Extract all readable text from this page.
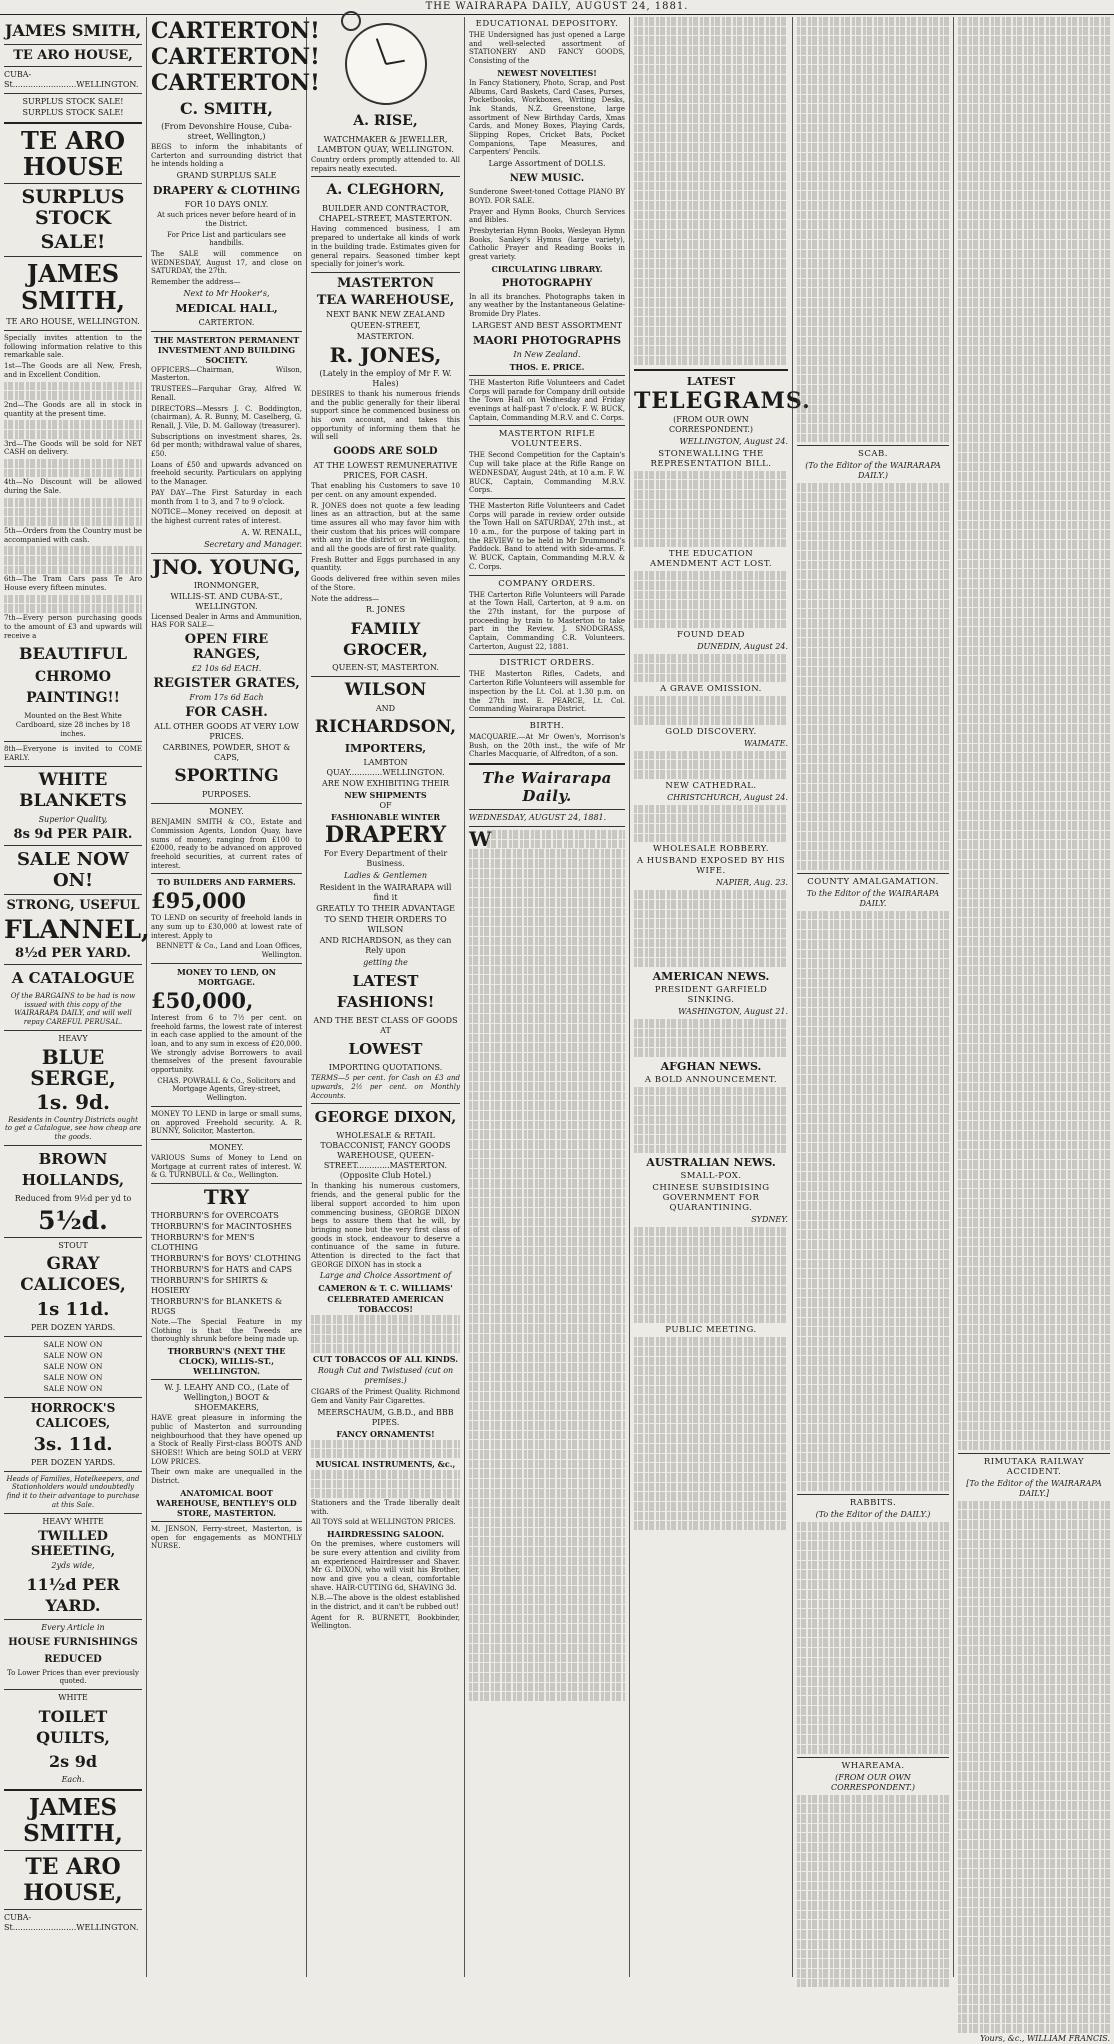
THE WAIRARAPA DAILY, AUGUST 24, 1881.
JAMES SMITH,
TE ARO HOUSE,
CUBA-St.........................WELLINGTON.
SURPLUS STOCK SALE!
SURPLUS STOCK SALE!
TE ARO HOUSE
SURPLUS STOCK
SALE!
JAMES SMITH,
TE ARO HOUSE, WELLINGTON.

Specially invites attention to the following information relative to this remarkable sale.

1st—The Goods are all New, Fresh, and in Excellent Condition.

2nd—The Goods are all in stock in quantity at the present time.

3rd—The Goods will be sold for NET CASH on delivery.

4th—No Discount will be allowed during the Sale.

5th—Orders from the Country must be accompanied with cash.

6th—The Tram Cars pass Te Aro House every fifteen minutes.

7th—Every person purchasing goods to the amount of £3 and upwards will receive a

BEAUTIFUL
CHROMO PAINTING!!

Mounted on the Best White Cardboard, size 28 inches by 18 inches.

8th—Everyone is invited to COME EARLY.

WHITE BLANKETS
Superior Quality,
8s 9d PER PAIR.
SALE NOW ON!
STRONG, USEFUL
FLANNEL,
8½d PER YARD.
A CATALOGUE

Of the BARGAINS to be had is now issued with this copy of the WAIRARAPA DAILY, and will well repay CAREFUL PERUSAL.

HEAVY
BLUE SERGE,
1s. 9d.

Residents in Country Districts ought to get a Catalogue, see how cheap are the goods.

BROWN HOLLANDS,
Reduced from 9½d per yd to
5½d.
STOUT
GRAY CALICOES,
1s 11d.
PER DOZEN YARDS.
SALE NOW ON
SALE NOW ON
SALE NOW ON
SALE NOW ON
SALE NOW ON
HORROCK'S CALICOES,
3s. 11d.
PER DOZEN YARDS.

Heads of Families, Hotelkeepers, and Stationholders would undoubtedly find it to their advantage to purchase at this Sale.

HEAVY WHITE
TWILLED SHEETING,
2yds wide,
11½d PER YARD.
Every Article in
HOUSE FURNISHINGS
REDUCED

To Lower Prices than ever previously quoted.

WHITE
TOILET QUILTS,
2s 9d
Each.
JAMES SMITH,
TE ARO HOUSE,
CUBA-St.........................WELLINGTON.
CARTERTON!
CARTERTON!
CARTERTON!
C. SMITH,
(From Devonshire House, Cuba-street, Wellington,)

BEGS to inform the inhabitants of Carterton and surrounding district that he intends holding a

GRAND SURPLUS SALE
DRAPERY & CLOTHING
FOR 10 DAYS ONLY.

At such prices never before heard of in the District.

For Price List and particulars see handbills.

The SALE will commence on WEDNESDAY, August 17, and close on SATURDAY, the 27th.

Remember the address—

Next to Mr Hooker's,
MEDICAL HALL,
CARTERTON.
THE MASTERTON PERMANENT INVESTMENT AND BUILDING SOCIETY.

OFFICERS—Chairman, Wilson, Masterton.

TRUSTEES—Farquhar Gray, Alfred W. Renall.

DIRECTORS—Messrs J. C. Boddington, (chairman), A. R. Bunny, M. Caselberg, G. Renall, J. Vile, D. M. Galloway (treasurer).

Subscriptions on investment shares, 2s. 6d per month; withdrawal value of shares, £50.

Loans of £50 and upwards advanced on freehold security. Particulars on applying to the Manager.

PAY DAY—The First Saturday in each month from 1 to 3, and 7 to 9 o'clock.

NOTICE—Money received on deposit at the highest current rates of interest.

A. W. RENALL,
Secretary and Manager.
JNO. YOUNG,
IRONMONGER,
WILLIS-ST. AND CUBA-ST., WELLINGTON.

Licensed Dealer in Arms and Ammunition, HAS FOR SALE—

OPEN FIRE RANGES,
£2 10s 6d EACH.
REGISTER GRATES,
From 17s 6d Each
FOR CASH.
ALL OTHER GOODS AT VERY LOW PRICES.
CARBINES, POWDER, SHOT & CAPS,
SPORTING
PURPOSES.
MONEY.

BENJAMIN SMITH & CO., Estate and Commission Agents, London Quay, have sums of money, ranging from £100 to £2000, ready to be advanced on approved freehold securities, at current rates of interest.

TO BUILDERS AND FARMERS.
£95,000

TO LEND on security of freehold lands in any sum up to £30,000 at lowest rate of interest. Apply to

BENNETT & Co., Land and Loan Offices, Wellington.

MONEY TO LEND, ON MORTGAGE.
£50,000,

Interest from 6 to 7½ per cent. on freehold farms, the lowest rate of interest in each case applied to the amount of the loan, and to any sum in excess of £20,000. We strongly advise Borrowers to avail themselves of the present favourable opportunity.

CHAS. POWRALL & Co., Solicitors and Mortgage Agents, Grey-street, Wellington.

MONEY TO LEND in large or small sums, on approved Freehold security. A. R. BUNNY, Solicitor, Masterton.

MONEY.

VARIOUS Sums of Money to Lend on Mortgage at current rates of interest. W. & G. TURNBULL & Co., Wellington.

TRY
THORBURN'S for OVERCOATS
THORBURN'S for MACINTOSHES
THORBURN'S for MEN'S CLOTHING
THORBURN'S for BOYS' CLOTHING
THORBURN'S for HATS and CAPS
THORBURN'S for SHIRTS & HOSIERY
THORBURN'S for BLANKETS & RUGS

Note.—The Special Feature in my Clothing is that the Tweeds are thoroughly shrunk before being made up.

THORBURN'S (NEXT THE CLOCK), WILLIS-ST., WELLINGTON.
W. J. LEAHY AND CO., (Late of Wellington,) BOOT & SHOEMAKERS,

HAVE great pleasure in informing the public of Masterton and surrounding neighbourhood that they have opened up a Stock of Really First-class BOOTS AND SHOES!! Which are being SOLD at VERY LOW PRICES.

Their own make are unequalled in the District.

ANATOMICAL BOOT WAREHOUSE, BENTLEY'S OLD STORE, MASTERTON.

M. JENSON, Ferry-street, Masterton, is open for engagements as MONTHLY NURSE.

A. RISE,
WATCHMAKER & JEWELLER, LAMBTON QUAY, WELLINGTON.

Country orders promptly attended to. All repairs neatly executed.

A. CLEGHORN,
BUILDER AND CONTRACTOR, CHAPEL-STREET, MASTERTON.

Having commenced business, I am prepared to undertake all kinds of work in the building trade. Estimates given for general repairs. Seasoned timber kept specially for joiner's work.

MASTERTON
TEA WAREHOUSE,
NEXT BANK NEW ZEALAND
QUEEN-STREET,
MASTERTON.
R. JONES,
(Lately in the employ of Mr F. W. Hales)

DESIRES to thank his numerous friends and the public generally for their liberal support since he commenced business on his own account, and takes this opportunity of informing them that he will sell

GOODS ARE SOLD
AT THE LOWEST REMUNERATIVE PRICES, FOR CASH.

That enabling his Customers to save 10 per cent. on any amount expended.

R. JONES does not quote a few leading lines as an attraction, but at the same time assures all who may favor him with their custom that his prices will compare with any in the district or in Wellington, and all the goods are of first rate quality.

Fresh Butter and Eggs purchased in any quantity.

Goods delivered free within seven miles of the Store.

Note the address—

R. JONES
FAMILY GROCER,
QUEEN-ST, MASTERTON.
WILSON
AND
RICHARDSON,
IMPORTERS,
LAMBTON QUAY.............WELLINGTON.
ARE NOW EXHIBITING THEIR
NEW SHIPMENTS
OF
FASHIONABLE WINTER
DRAPERY
For Every Department of their Business.
Ladies & Gentlemen
Resident in the WAIRARAPA will find it
GREATLY TO THEIR ADVANTAGE
TO SEND THEIR ORDERS TO WILSON
AND RICHARDSON, as they can Rely upon
getting the
LATEST FASHIONS!
AND THE BEST CLASS OF GOODS AT
LOWEST
IMPORTING QUOTATIONS.

TERMS—5 per cent. for Cash on £3 and upwards, 2½ per cent. on Monthly Accounts.

GEORGE DIXON,
WHOLESALE & RETAIL TOBACCONIST, FANCY GOODS WAREHOUSE, QUEEN-STREET.............MASTERTON. (Opposite Club Hotel.)

In thanking his numerous customers, friends, and the general public for the liberal support accorded to him upon commencing business, GEORGE DIXON begs to assure them that he will, by bringing none but the very first class of goods in stock, endeavour to deserve a continuance of the same in future. Attention is directed to the fact that GEORGE DIXON has in stock a

Large and Choice Assortment of
CAMERON & T. C. WILLIAMS'
CELEBRATED AMERICAN TOBACCOS!
CUT TOBACCOS OF ALL KINDS.
Rough Cut and Twistused (cut on premises.)

CIGARS of the Primest Quality. Richmond Gem and Vanity Fair Cigarettes.

MEERSCHAUM, G.B.D., and BBB PIPES.
FANCY ORNAMENTS!
MUSICAL INSTRUMENTS, &c.,

Stationers and the Trade liberally dealt with.

All TOYS sold at WELLINGTON PRICES.

HAIRDRESSING SALOON.

On the premises, where customers will be sure every attention and civility from an experienced Hairdresser and Shaver. Mr G. DIXON, who will visit his Brother, now and give you a clean, comfortable shave. HAIR-CUTTING 6d, SHAVING 3d.

N.B.—The above is the oldest established in the district, and it can't be rubbed out!

Agent for R. BURNETT, Bookbinder, Wellington.

EDUCATIONAL DEPOSITORY.

THE Undersigned has just opened a Large and well-selected assortment of STATIONERY AND FANCY GOODS, Consisting of the

NEWEST NOVELTIES!

In Fancy Stationery, Photo, Scrap, and Post Albums, Card Baskets, Card Cases, Purses, Pocketbooks, Workboxes, Writing Desks, Ink Stands, N.Z. Greenstone, large assortment of New Birthday Cards, Xmas Cards, and Money Boxes, Playing Cards, Slipping Ropes, Cricket Bats, Pocket Companions, Tape Measures, and Carpenters' Pencils.

Large Assortment of DOLLS.
NEW MUSIC.

Sunderone Sweet-toned Cottage PIANO BY BOYD. FOR SALE.

Prayer and Hymn Books, Church Services and Bibles.

Presbyterian Hymn Books, Wesleyan Hymn Books, Sankey's Hymns (large variety), Catholic Prayer and Reading Books in great variety.

CIRCULATING LIBRARY.
PHOTOGRAPHY

In all its branches. Photographs taken in any weather by the Instantaneous Gelatine-Bromide Dry Plates.

LARGEST AND BEST ASSORTMENT
MAORI PHOTOGRAPHS
In New Zealand.
THOS. E. PRICE.

THE Masterton Rifle Volunteers and Cadet Corps will parade for Company drill outside the Town Hall on Wednesday and Friday evenings at half-past 7 o'clock. F. W. BUCK, Captain, Commanding M.R.V. and C. Corps.

MASTERTON RIFLE VOLUNTEERS.

THE Second Competition for the Captain's Cup will take place at the Rifle Range on WEDNESDAY, August 24th, at 10 a.m. F. W. BUCK, Captain, Commanding M.R.V. Corps.

THE Masterton Rifle Volunteers and Cadet Corps will parade in review order outside the Town Hall on SATURDAY, 27th inst., at 10 a.m., for the purpose of taking part in the REVIEW to be held in Mr Drummond's Paddock. Band to attend with side-arms. F. W. BUCK, Captain, Commanding M.R.V. & C. Corps.

COMPANY ORDERS.

THE Carterton Rifle Volunteers will Parade at the Town Hall, Carterton, at 9 a.m. on the 27th instant, for the purpose of proceeding by train to Masterton to take part in the Review. J. SNODGRASS, Captain, Commanding C.R. Volunteers. Carterton, August 22, 1881.

DISTRICT ORDERS.

THE Masterton Rifles, Cadets, and Carterton Rifle Volunteers will assemble for inspection by the Lt. Col. at 1.30 p.m. on the 27th inst. E. PEARCE, Lt. Col. Commanding Wairarapa District.

BIRTH.

MACQUARIE.—At Mr Owen's, Morrison's Bush, on the 20th inst., the wife of Mr Charles Macquarie, of Alfredton, of a son.

The Wairarapa Daily.
WEDNESDAY, AUGUST 24, 1881.
W
LATEST
TELEGRAMS.
(FROM OUR OWN CORRESPONDENT.)
WELLINGTON, August 24.
STONEWALLING THE REPRESENTATION BILL.
THE EDUCATION AMENDMENT ACT LOST.
FOUND DEAD
DUNEDIN, August 24.
A GRAVE OMISSION.
GOLD DISCOVERY.
WAIMATE.
NEW CATHEDRAL.
CHRISTCHURCH, August 24.
WHOLESALE ROBBERY.
A HUSBAND EXPOSED BY HIS WIFE.
NAPIER, Aug. 23.
AMERICAN NEWS.
PRESIDENT GARFIELD SINKING.
WASHINGTON, August 21.
AFGHAN NEWS.
A BOLD ANNOUNCEMENT.
AUSTRALIAN NEWS.
SMALL-POX.
CHINESE SUBSIDISING GOVERNMENT FOR QUARANTINING.
SYDNEY.
PUBLIC MEETING.
SCAB.
(To the Editor of the WAIRARAPA DAILY.)
COUNTY AMALGAMATION.
To the Editor of the WAIRARAPA DAILY.
RABBITS.
(To the Editor of the DAILY.)
WHAREAMA.
(FROM OUR OWN CORRESPONDENT.)
RIMUTAKA RAILWAY ACCIDENT.
[To the Editor of the WAIRARAPA DAILY.]
Yours, &c., WILLIAM FRANCIS.
